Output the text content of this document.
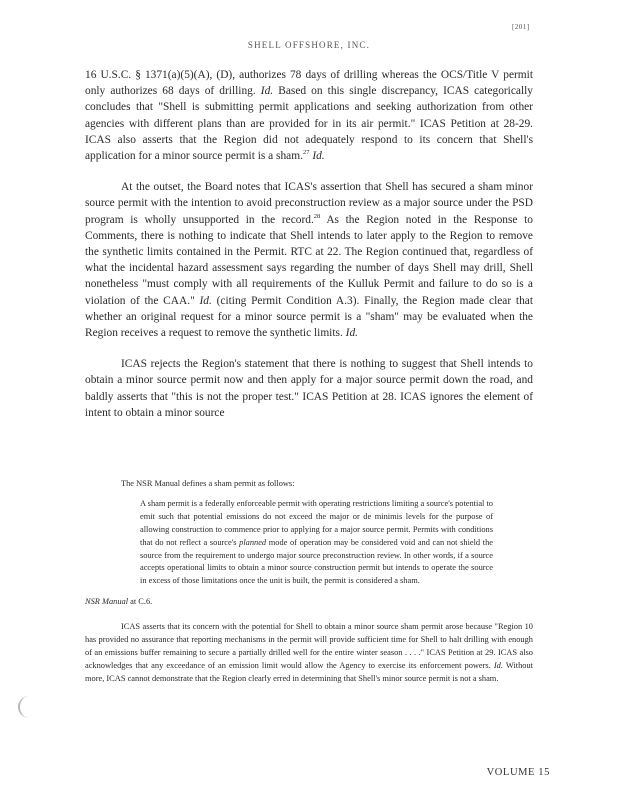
[201]
SHELL OFFSHORE, INC.

16 U.S.C. § 1371(a)(5)(A), (D), authorizes 78 days of drilling whereas the OCS/Title V permit only authorizes 68 days of drilling. Id. Based on this single discrepancy, ICAS categorically concludes that "Shell is submitting permit applications and seeking authorization from other agencies with different plans than are provided for in its air permit." ICAS Petition at 28-29. ICAS also asserts that the Region did not adequately respond to its concern that Shell's application for a minor source permit is a sham.$^{27}$ Id.

At the outset, the Board notes that ICAS's assertion that Shell has secured a sham minor source permit with the intention to avoid preconstruction review as a major source under the PSD program is wholly unsupported in the record.$^{28}$ As the Region noted in the Response to Comments, there is nothing to indicate that Shell intends to later apply to the Region to remove the synthetic limits contained in the Permit. RTC at 22. The Region continued that, regardless of what the incidental hazard assessment says regarding the number of days Shell may drill, Shell nonetheless "must comply with all requirements of the Kulluk Permit and failure to do so is a violation of the CAA." Id. (citing Permit Condition A.3). Finally, the Region made clear that whether an original request for a minor source permit is a "sham" may be evaluated when the Region receives a request to remove the synthetic limits. Id.

ICAS rejects the Region's statement that there is nothing to suggest that Shell intends to obtain a minor source permit now and then apply for a major source permit down the road, and baldly asserts that "this is not the proper test." ICAS Petition at 28. ICAS ignores the element of intent to obtain a minor source

The NSR Manual defines a sham permit as follows:

A sham permit is a federally enforceable permit with operating restrictions limiting a source's potential to emit such that potential emissions do not exceed the major or de minimis levels for the purpose of allowing construction to commence prior to applying for a major source permit. Permits with conditions that do not reflect a source's planned mode of operation may be considered void and can not shield the source from the requirement to undergo major source preconstruction review. In other words, if a source accepts operational limits to obtain a minor source construction permit but intends to operate the source in excess of those limitations once the unit is built, the permit is considered a sham.

NSR Manual at C.6.

ICAS asserts that its concern with the potential for Shell to obtain a minor source sham permit arose because "Region 10 has provided no assurance that reporting mechanisms in the permit will provide sufficient time for Shell to halt drilling with enough of an emissions buffer remaining to secure a partially drilled well for the entire winter season . . . ." ICAS Petition at 29. ICAS also acknowledges that any exceedance of an emission limit would allow the Agency to exercise its enforcement powers. Id. Without more, ICAS cannot demonstrate that the Region clearly erred in determining that Shell's minor source permit is not a sham.

VOLUME 15
